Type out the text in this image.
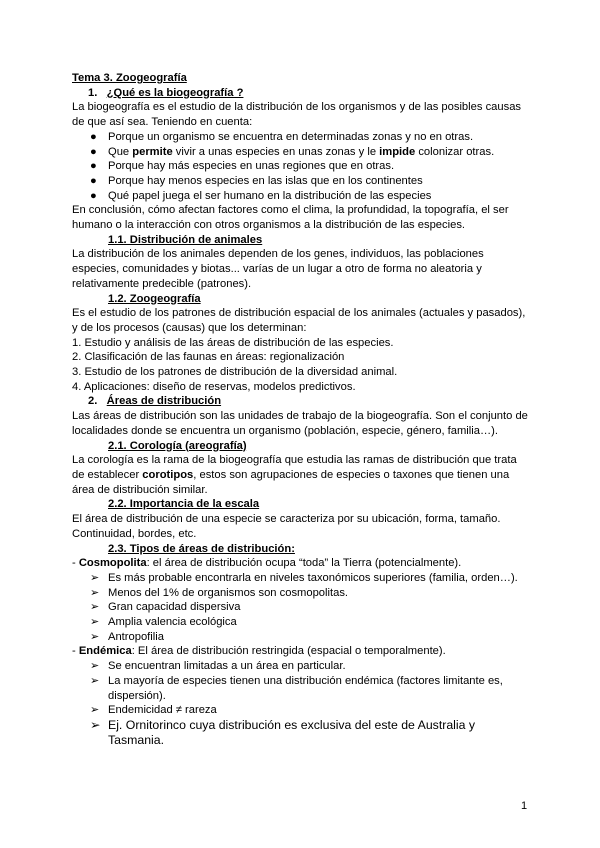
Tema 3. Zoogeografía
1. ¿Qué es la biogeografía ?
La biogeografía es el estudio de la distribución de los organismos y de las posibles causas
de que así sea. Teniendo en cuenta:
● Porque un organismo se encuentra en determinadas zonas y no en otras.
● Que permite vivir a unas especies en unas zonas y le impide colonizar otras.
● Porque hay más especies en unas regiones que en otras.
● Porque hay menos especies en las islas que en los continentes
● Qué papel juega el ser humano en la distribución de las especies
En conclusión, cómo afectan factores como el clima, la profundidad, la topografía, el ser
humano o la interacción con otros organismos a la distribución de las especies.
1.1. Distribución de animales
La distribución de los animales dependen de los genes, individuos, las poblaciones
especies, comunidades y biotas... varías de un lugar a otro de forma no aleatoria y
relativamente predecible (patrones).
1.2. Zoogeografía
Es el estudio de los patrones de distribución espacial de los animales (actuales y pasados),
y de los procesos (causas) que los determinan:
1. Estudio y análisis de las áreas de distribución de las especies.
2. Clasificación de las faunas en áreas: regionalización
3. Estudio de los patrones de distribución de la diversidad animal.
4. Aplicaciones: diseño de reservas, modelos predictivos.
2. Áreas de distribución
Las áreas de distribución son las unidades de trabajo de la biogeografía. Son el conjunto de
localidades donde se encuentra un organismo (población, especie, género, familia…).
2.1. Corología (areografía)
La corología es la rama de la biogeografía que estudia las ramas de distribución que trata
de establecer corotipos, estos son agrupaciones de especies o taxones que tienen una
área de distribución similar.
2.2. Importancia de la escala
El área de distribución de una especie se caracteriza por su ubicación, forma, tamaño.
Continuidad, bordes, etc.
2.3. Tipos de áreas de distribución:
- Cosmopolita: el área de distribución ocupa “toda” la Tierra (potencialmente).
➢ Es más probable encontrarla en niveles taxonómicos superiores (familia, orden…).
➢ Menos del 1% de organismos son cosmopolitas.
➢ Gran capacidad dispersiva
➢ Amplia valencia ecológica
➢ Antropofilia
- Endémica: El área de distribución restringida (espacial o temporalmente).
➢ Se encuentran limitadas a un área en particular.
➢ La mayoría de especies tienen una distribución endémica (factores limitante es,
dispersión).
➢ Endemicidad ≠ rareza
➢ Ej. Ornitorinco cuya distribución es exclusiva del este de Australia y
Tasmania.
1
